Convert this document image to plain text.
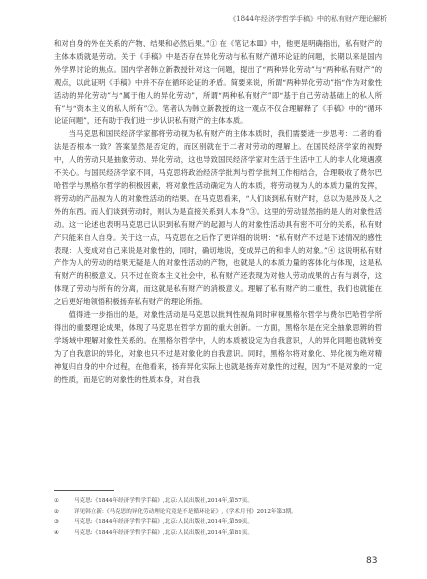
《1844年经济学哲学手稿》中的私有财产理论解析

和对自身的外在关系的产物、结果和必然后果。”① 在《笔记本Ⅲ》中，他更是明确指出，私有财产的主体本质就是劳动。关于《手稿》中是否存在异化劳动与私有财产循环论证的问题，长期以来是国内外学界讨论的焦点。国内学者韩立新教授针对这一问题，提出了“两种异化劳动”与“两种私有财产”的观点，以此证明《手稿》中并不存在循环论证的矛盾。简要来说，所谓“两种异化劳动”指“作为对象性活动的异化劳动”与“属于他人的异化劳动”，所谓“两种私有财产”即“基于自己劳动基础上的私人所有”与“资本主义的私人所有”②。笔者认为韩立新教授的这一观点不仅合理解释了《手稿》中的“循环论证问题”，还有助于我们进一步认识私有财产的主体本质。

当马克思和国民经济学家都将劳动视为私有财产的主体本质时，我们需要进一步思考：二者的看法是否根本一致？答案显然是否定的，而区别就在于二者对劳动的理解上。在国民经济学家的视野中，人的劳动只是抽象劳动、异化劳动，这也导致国民经济学家对生活于生活中工人的非人化境遇漠不关心。与国民经济学家不同，马克思将政治经济学批判与哲学批判工作相结合，合理吸收了费尔巴哈哲学与黑格尔哲学的积极因素，将对象性活动确定为人的本质，将劳动视为人的本质力量的发挥，将劳动的产品视为人的对象性活动的结果。在马克思看来，“人们谈到私有财产时，总以为是涉及人之外的东西。而人们谈到劳动时，则认为是直接关系到人本身”③。这里的劳动显然指的是人的对象性活动。这一论述也表明马克思已认识到私有财产的起源与人的对象性活动具有密不可分的关系，私有财产只能来自人自身。关于这一点，马克思在之后作了更详细的说明：“私有财产不过是下述情况的感性表现：人变成对自己来说是对象性的，同时，确切地说，变成异己的和非人的对象。”④ 这说明私有财产作为人的劳动的结果无疑是人的对象性活动的产物，也就是人的本质力量的客体化与体现，这是私有财产的积极意义。只不过在资本主义社会中，私有财产还表现为对他人劳动成果的占有与剥夺，这体现了劳动与所有的分离，而这就是私有财产的消极意义。理解了私有财产的二重性，我们也就能在之后更好地领悟积极扬弃私有财产的理论所指。

值得进一步指出的是，对象性活动是马克思以批判性视角同时审视黑格尔哲学与费尔巴哈哲学所得出的重要理论成果，体现了马克思在哲学方面的重大创新。一方面，黑格尔是在完全抽象思辨的哲学场域中理解对象性关系的。在黑格尔哲学中，人的本质被设定为自我意识，人的异化同题也就转变为了自我意识的异化，对象也只不过是对象化的自我意识。同时，黑格尔将对象化、异化视为绝对精神复归自身的中介过程，在他看来，扬弃异化实际上也就是扬弃对象性的过程，因为“不是对象的一定的性质，而是它的对象性的性质本身，对自我

①	马克思:《1844年经济学哲学手稿》,北京:人民出版社,2014年,第57页。
②	详见韩立新:《马克思的异化劳动理论究竟是不是循环论证》,《学术月刊》2012年第3期。
③	马克思:《1844年经济学哲学手稿》,北京:人民出版社,2014年,第59页。
④	马克思:《1844年经济学哲学手稿》,北京:人民出版社,2014年,第81页。
83
